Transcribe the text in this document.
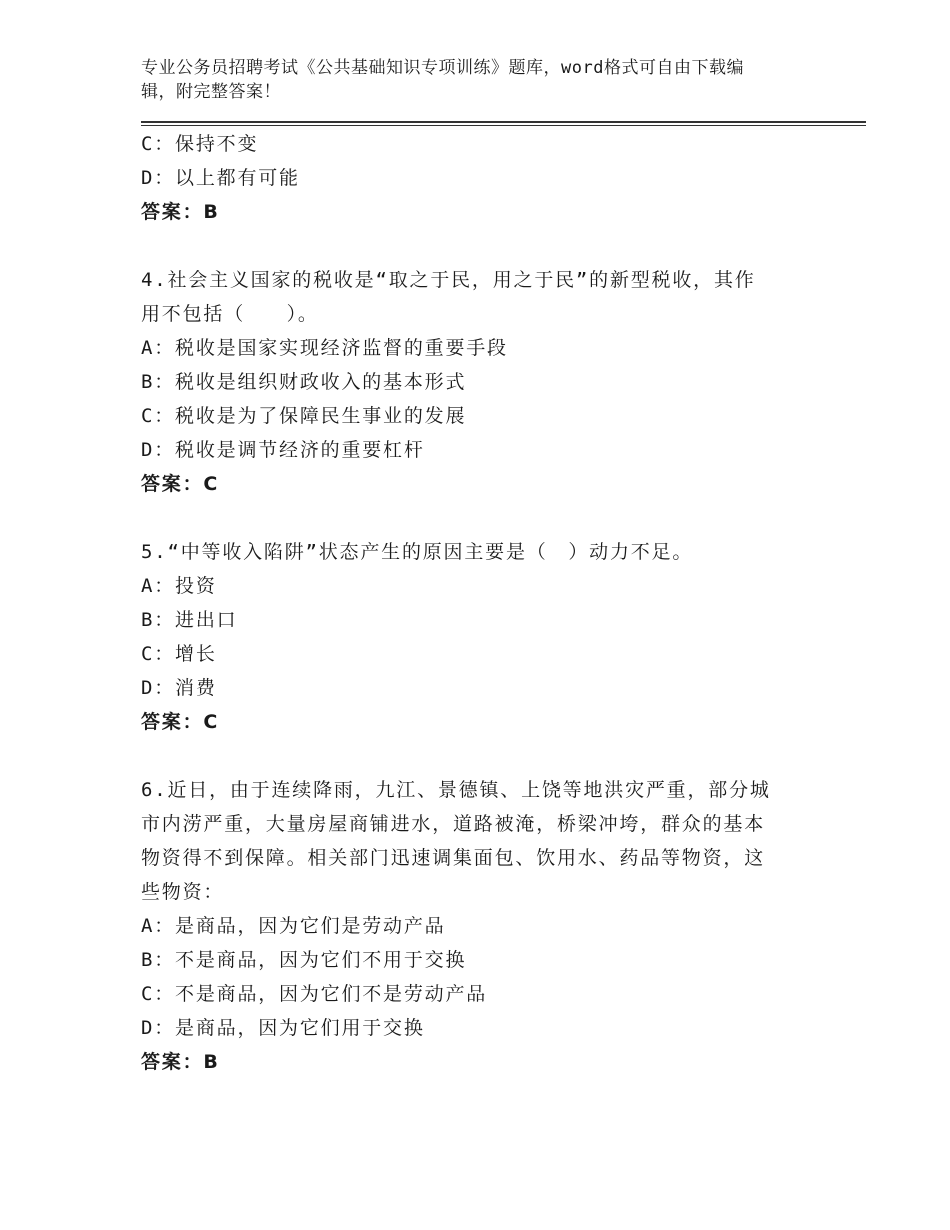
专业公务员招聘考试《公共基础知识专项训练》题库，word格式可自由下载编
辑，附完整答案！
C：保持不变
D：以上都有可能
答案：B
4.社会主义国家的税收是“取之于民，用之于民”的新型税收，其作
用不包括（　　）。
A：税收是国家实现经济监督的重要手段
B：税收是组织财政收入的基本形式
C：税收是为了保障民生事业的发展
D：税收是调节经济的重要杠杆
答案：C
5.“中等收入陷阱”状态产生的原因主要是（　）动力不足。
A：投资
B：进出口
C：增长
D：消费
答案：C
6.近日，由于连续降雨，九江、景德镇、上饶等地洪灾严重，部分城
市内涝严重，大量房屋商铺进水，道路被淹，桥梁冲垮，群众的基本
物资得不到保障。相关部门迅速调集面包、饮用水、药品等物资，这
些物资：
A：是商品，因为它们是劳动产品
B：不是商品，因为它们不用于交换
C：不是商品，因为它们不是劳动产品
D：是商品，因为它们用于交换
答案：B
